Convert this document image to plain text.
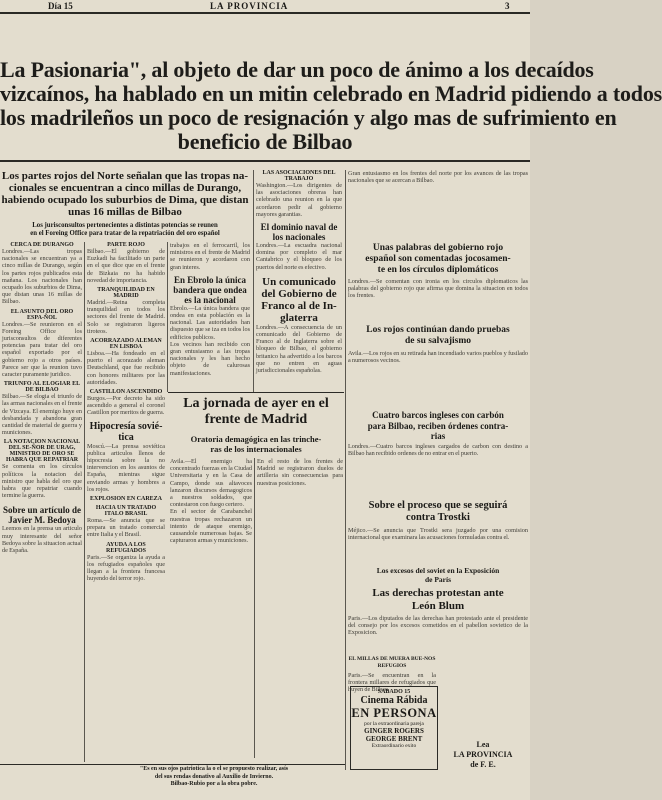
Día 15	LA PROVINCIA	3
La Pasionaria", al objeto de dar un poco de ánimo a los decaídos
vizcaínos, ha hablado en un mitin celebrado en Madrid pidiendo a todos
los madrileños un poco de resignación y algo mas de sufrimiento en
beneficio de Bilbao
Los partes rojos del Norte señalan que las tropas na-
cionales se encuentran a cinco millas de Durango,
habiendo ocupado los suburbios de Dima, que distan
unas 16 millas de Bilbao
Los jurisconsultos pertenecientes a distintas potencias se reunen
en el Foreing Office para tratar de la repatriación del oro español
CERCA DE DURANGO
Londres.—Las tropas nacionales se encuentran ya a cinco millas de Durango, según los partes rojos publicados esta mañana. Los nacionales han ocupado los suburbios de Dima, que distan unas 16 millas de Bilbao.
EL ASUNTO DEL ORO ESPA-ÑOL
Londres.—Se reunieron en el Foreing Office los jurisconsultos de diferentes potencias para tratar del oro español exportado por el gobierno rojo a otros países. Parece ser que la reunion tuvo caracter puramente juridico.
TRIUNFO AL ELOGIAR EL DE BILBAO
Bilbao.—Se elogia el triunfo de las armas nacionales en el frente de Vizcaya. El enemigo huye en desbandada y abandona gran cantidad de material de guerra y municiones.
LA NOTACION NACIONAL DEL SE-ÑOR DE URAG, MINISTRO DE ORO SE HABRA QUE REPATRIAR
Se comenta en los círculos políticos la notacion del ministro que habla del oro que habra que repatriar cuando termine la guerra.
Sobre un artículo de
Javier M. Bedoya
Leemos en la prensa un articulo muy interesante del señor Bedoya sobre la situacion actual de España.
PARTE ROJO
Bilbao.—El gobierno de Euzkadi ha facilitado un parte en el que dice que en el frente de Bizkaia no ha habido novedad de importancia.
TRANQUILIDAD EN MADRID
Madrid.—Reina completa tranquilidad en todos los sectores del frente de Madrid. Solo se registraron ligeros tiroteos.
ACORRAZADO ALEMAN EN LISBOA
Lisboa.—Ha fondeado en el puerto el acorazado aleman Deutschland, que fue recibido con honores militares por las autoridades.
CASTILLON ASCENDIDO
Burgos.—Por decreto ha sido ascendido a general el coronel Castillon por meritos de guerra.
Hipocresía sovié-tica
Moscú.—La prensa soviética publica articulos llenos de hipocresia sobre la no intervencion en los asuntos de España, mientras sigue enviando armas y hombres a los rojos.
EXPLOSION EN CAREZA
HACIA UN TRATADO ITALO BRASIL
Roma.—Se anuncia que se prepara un tratado comercial entre Italia y el Brasil.
AYUDA A LOS REFUGIADOS
Paris.—Se organiza la ayuda a los refugiados españoles que llegan a la frontera francesa huyendo del terror rojo.
trabajos en el ferrocarril, los ministros en el frente de Madrid se reunieron y acordaron con gran interes.
En Ebrolo la única bandera que ondea es la nacional
Ebrolo.—La única bandera que ondea en esta población es la nacional. Las autoridades han dispuesto que se iza en todos los edificios publicos.
Los vecinos han recibido con gran entusiasmo a las tropas nacionales y les han hecho objeto de calurosas manifestaciones.
LAS ASOCIACIONES DEL TRABAJO
Washington.—Los dirigentes de las asociaciones obreras han celebrado una reunion en la que acordaron pedir al gobierno mayores garantias.
El dominio naval de los nacionales
Londres.—La escuadra nacional domina por completo el mar Cantabrico y el bloqueo de los puertos del norte es efectivo.
Un comunicado
del Gobierno de
Franco al de In-
glaterra
Londres.—A consecuencia de un comunicado del Gobierno de Franco al de Inglaterra sobre el bloqueo de Bilbao, el gobierno britanico ha advertido a los barcos que no entren en aguas jurisdiccionales españolas.
La jornada de ayer en el
frente de Madrid
Oratoria demagógica en las trinche-
ras de los internacionales
Avila.—El enemigo ha concentrado fuerzas en la Ciudad Universitaria y en la Casa de Campo, donde sus altavoces lanzaron discursos demagogicos a nuestros soldados, que contestaron con fuego certero.
En el sector de Carabanchel nuestras tropas rechazaron un intento de ataque enemigo, causandole numerosas bajas. Se capturaron armas y municiones.
En el resto de los frentes de Madrid se registraron duelos de artilleria sin consecuencias para nuestras posiciones.
Gran entusiasmo en los frentes del norte por los avances de las tropas nacionales que se acercan a Bilbao.
Unas palabras del gobierno rojo
español son comentadas jocosamen-
te en los círculos diplomáticos
Londres.—Se comentan con ironia en los circulos diplomaticos las palabras del gobierno rojo que afirma que domina la situacion en todos los frentes.
Los rojos continúan dando pruebas
de su salvajismo
Avila.—Los rojos en su retirada han incendiado varios pueblos y fusilado a numerosos vecinos.
Cuatro barcos ingleses con carbón
para Bilbao, reciben órdenes contra-
rias
Londres.—Cuatro barcos ingleses cargados de carbon con destino a Bilbao han recibido ordenes de no entrar en el puerto.
Sobre el proceso que se seguirá
contra Trostki
Méjico.—Se anuncia que Trostki sera juzgado por una comision internacional que examinara las acusaciones formuladas contra el.
Los excesos del soviet en la Exposición
de París
Las derechas protestan ante
León Blum
Paris.—Los diputados de las derechas han protestado ante el presidente del consejo por los excesos cometidos en el pabellon sovietico de la Exposicion.
EL MILLAS DE MUERA BUE-NOS REFUGIOS
Paris.—Se encuentran en la frontera millares de refugiados que huyen de Bilbao.
SABADO 15
Cinema Rábida
EN PERSONA
por la extraordinaria pareja
GINGER ROGERS
GEORGE BRENT
Extraordinario exito	Lea
LA PROVINCIA
de F. E.
"Es en sus ojos patriotica la o el se propuesto realizar, asís
del sus rendas donativo al Auxilio de Invierno.
Bilbao-Rubio por a la obra pobre.
